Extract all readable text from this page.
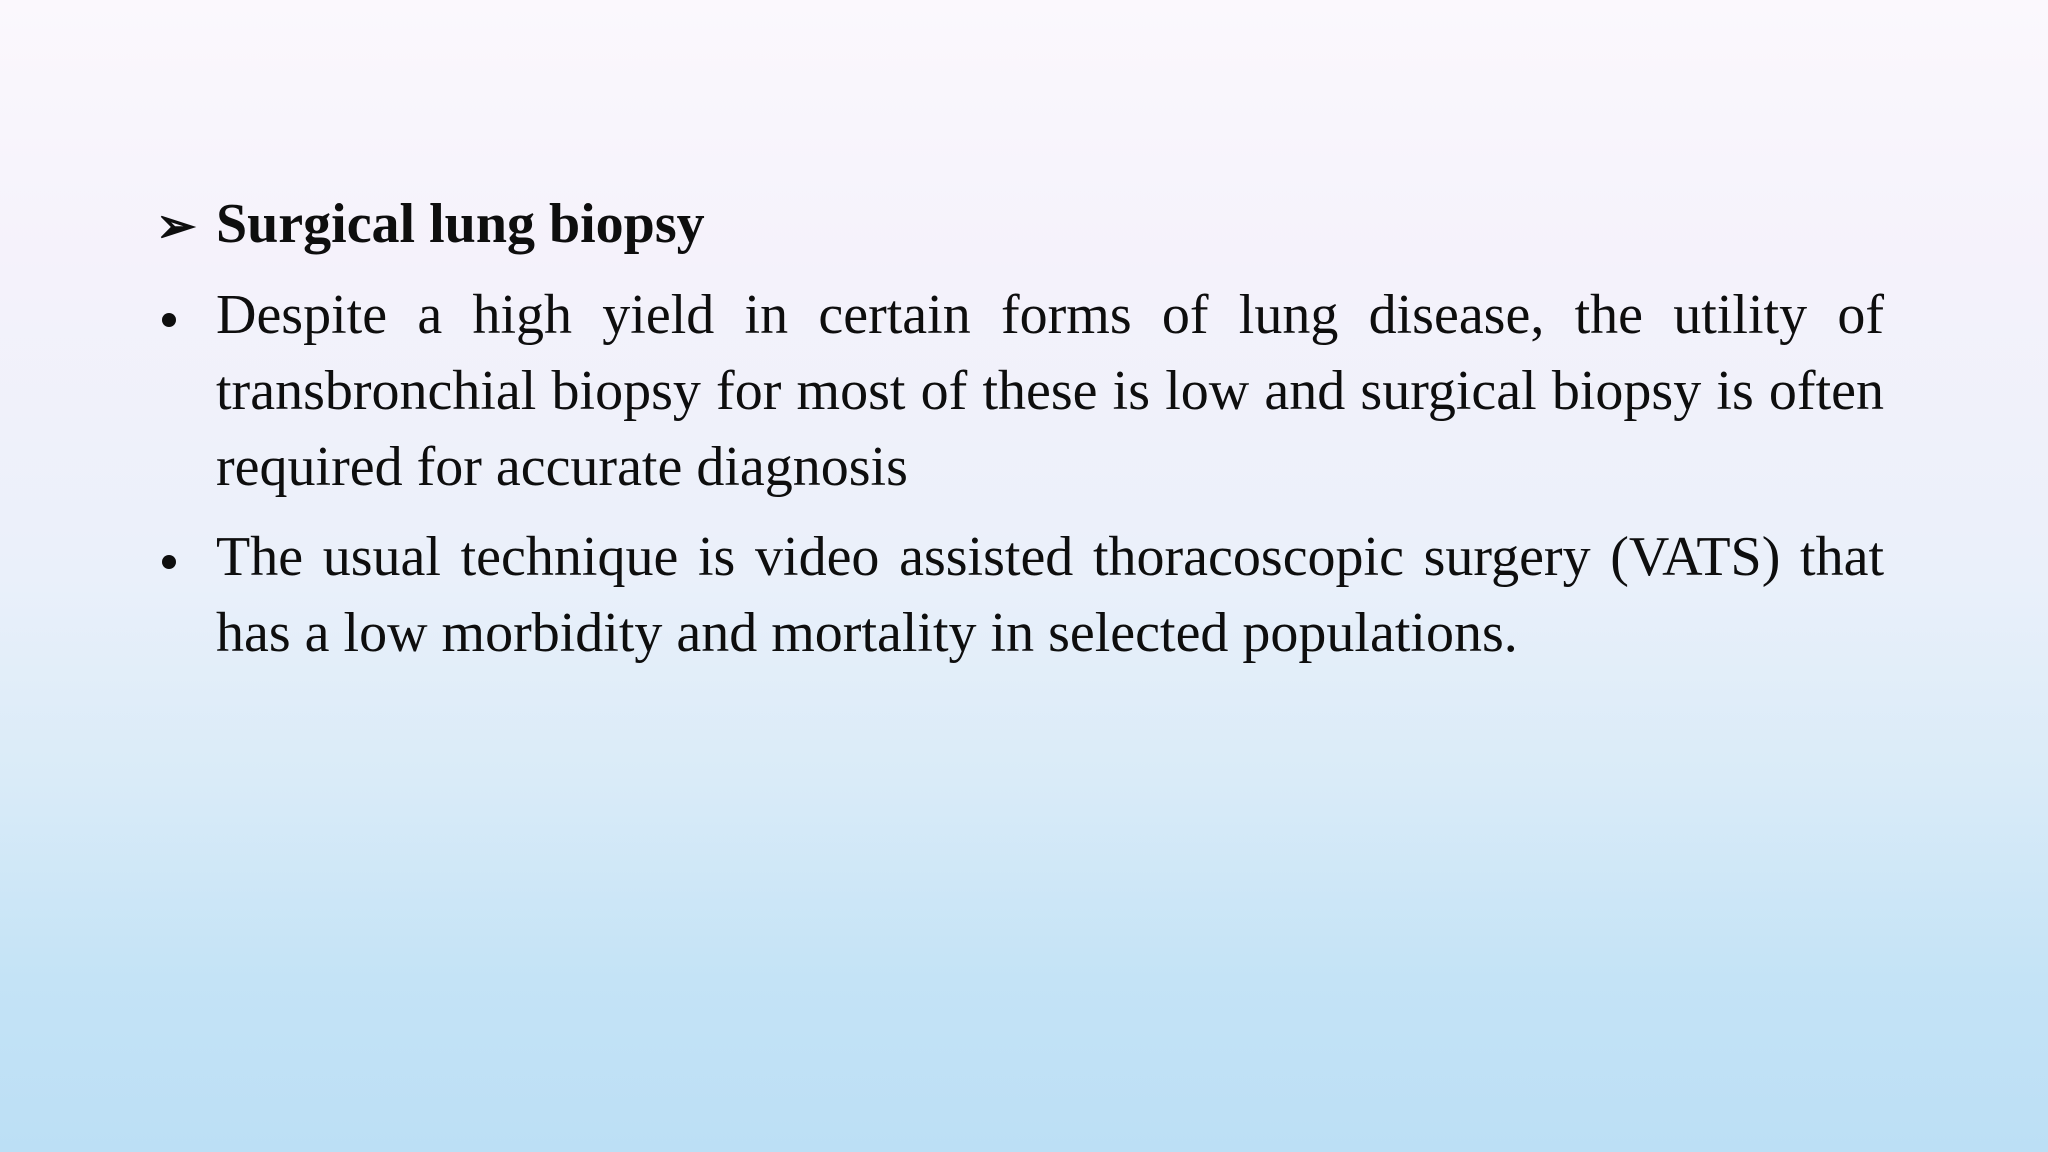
➢ Surgical lung biopsy
Despite a high yield in certain forms of lung disease, the utility of transbronchial biopsy for most of these is low and surgical biopsy is often required for accurate diagnosis
The usual technique is video assisted thoracoscopic surgery (VATS) that has a low morbidity and mortality in selected populations.
